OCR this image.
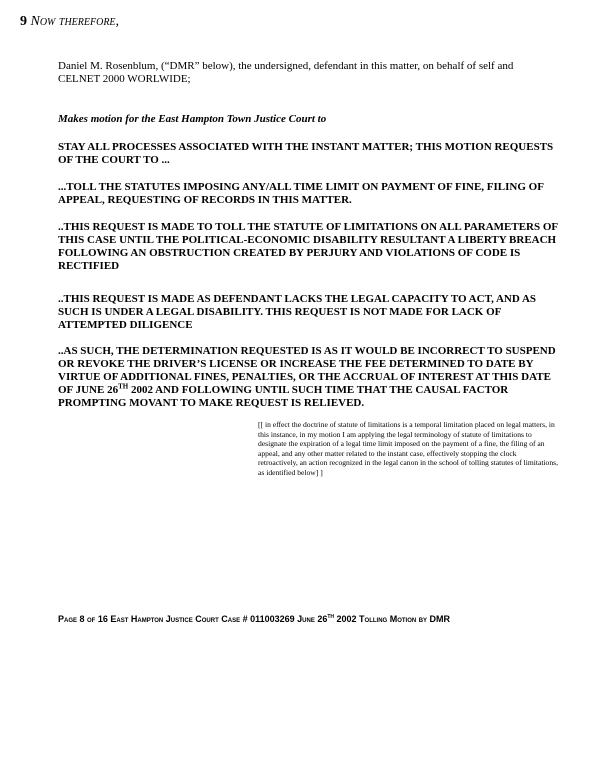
9 Now therefore,
Daniel M. Rosenblum, (“DMR” below), the undersigned, defendant in this matter, on behalf of self and CELNET 2000 WORLWIDE;
Makes motion for the East Hampton Town Justice Court to
STAY ALL PROCESSES ASSOCIATED WITH THE INSTANT MATTER; THIS MOTION REQUESTS OF THE COURT TO ...
...TOLL THE STATUTES IMPOSING ANY/ALL TIME LIMIT ON PAYMENT OF FINE, FILING OF APPEAL, REQUESTING OF RECORDS IN THIS MATTER.
..THIS REQUEST IS MADE TO TOLL THE STATUTE OF LIMITATIONS ON ALL PARAMETERS OF THIS CASE UNTIL THE POLITICAL-ECONOMIC DISABILITY RESULTANT A LIBERTY BREACH FOLLOWING AN OBSTRUCTION CREATED BY PERJURY AND VIOLATIONS OF CODE IS RECTIFIED
..THIS REQUEST IS MADE AS DEFENDANT LACKS THE LEGAL CAPACITY TO ACT, AND AS SUCH IS UNDER A LEGAL DISABILITY. THIS REQUEST IS NOT MADE FOR LACK OF ATTEMPTED DILIGENCE
..AS SUCH, THE DETERMINATION REQUESTED IS AS IT WOULD BE INCORRECT TO SUSPEND OR REVOKE THE DRIVER’S LICENSE OR INCREASE THE FEE DETERMINED TO DATE BY VIRTUE OF ADDITIONAL FINES, PENALTIES, OR THE ACCRUAL OF INTEREST AT THIS DATE OF JUNE 26TH 2002 AND FOLLOWING UNTIL SUCH TIME THAT THE CAUSAL FACTOR PROMPTING MOVANT TO MAKE REQUEST IS RELIEVED.
[[ in effect the doctrine of statute of limitations is a temporal limitation placed on legal matters, in this instance, in my motion I am applying the legal terminology of statute of limitations to designate the expiration of a legal time limit imposed on the payment of a fine, the filing of an appeal, and any other matter related to the instant case, effectively stopping the clock retroactively, an action recognized in the legal canon in the school of tolling statutes of limitations, as identified below] ]
Page 8 of 16 East Hampton Justice Court Case # 011003269 June 26th 2002 Tolling Motion by DMR
